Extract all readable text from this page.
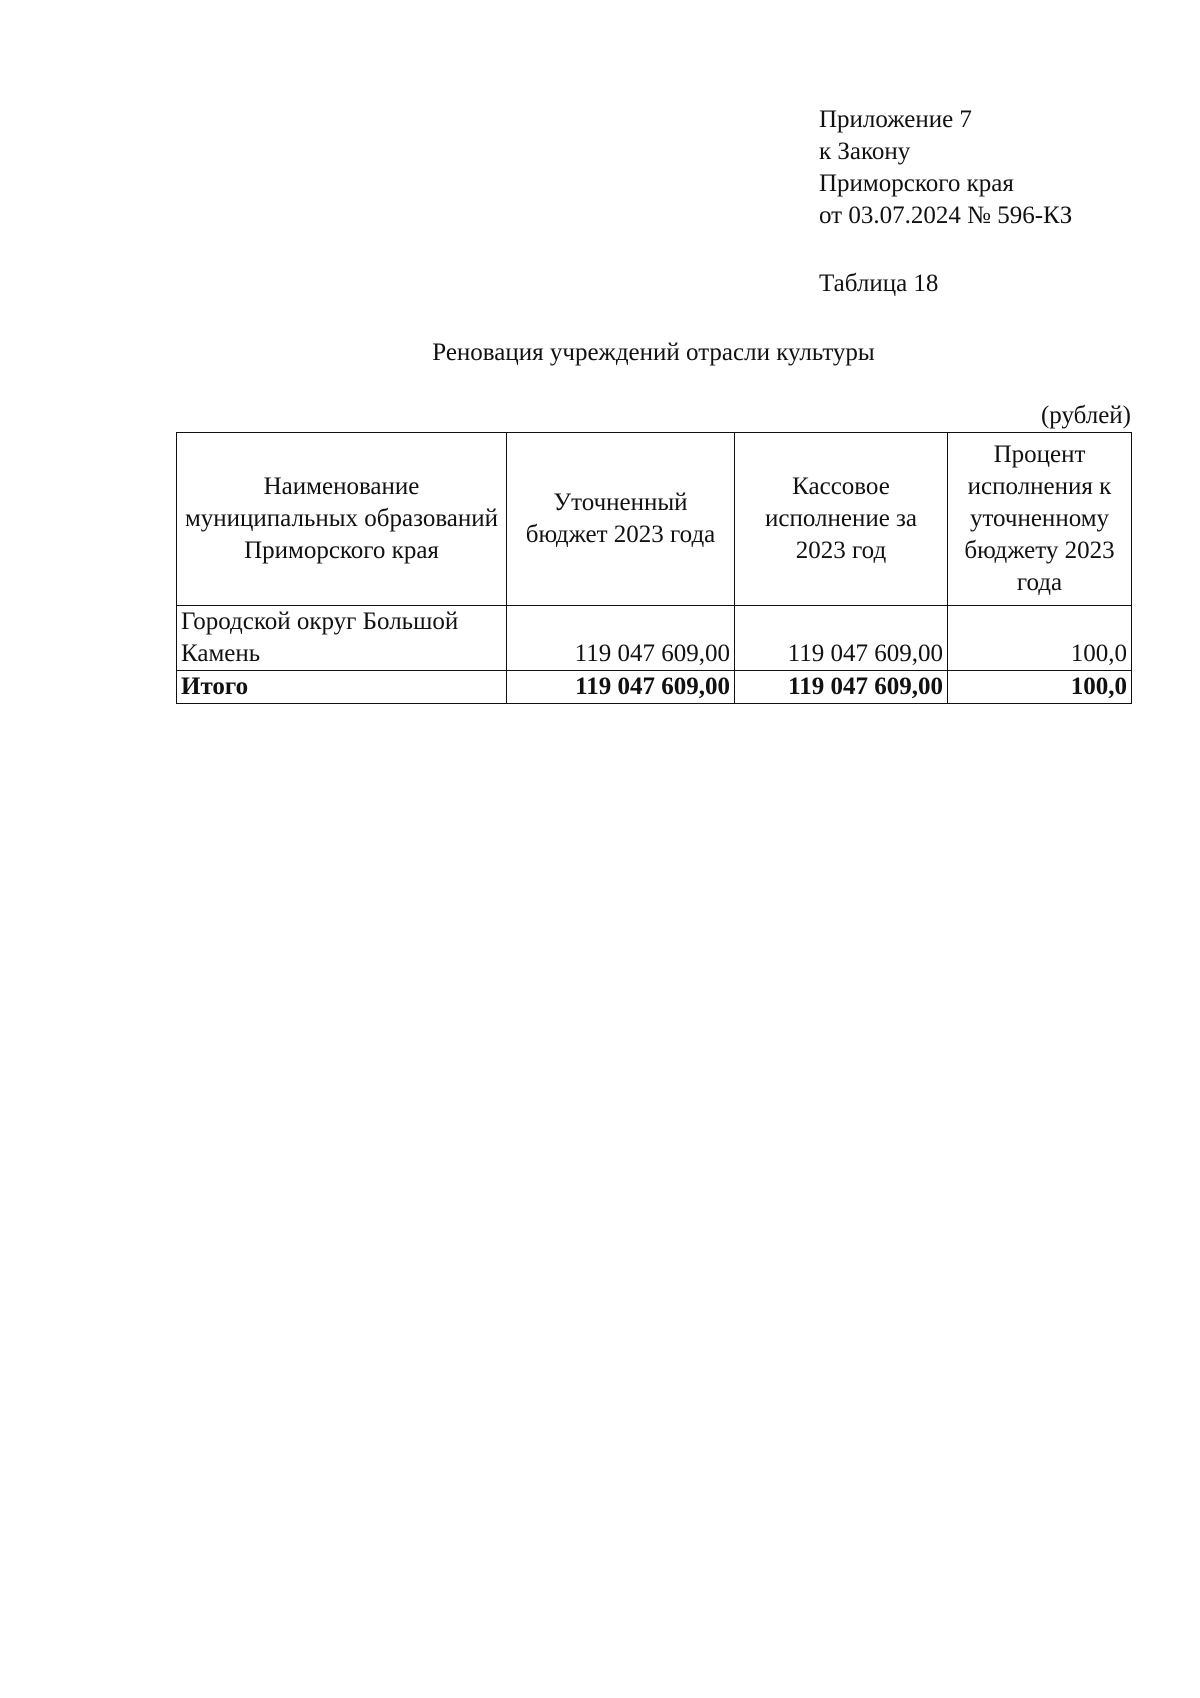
Приложение 7
к Закону
Приморского края
от 03.07.2024 № 596-КЗ
Таблица 18
Реновация учреждений отрасли культуры
(рублей)
Наименование муниципальных образований Приморского края	Уточненный бюджет 2023 года	Кассовое исполнение за 2023 год	Процент исполнения к уточненному бюджету 2023 года
Городской округ Большой Камень	119 047 609,00	119 047 609,00	100,0
Итого	119 047 609,00	119 047 609,00	100,0
